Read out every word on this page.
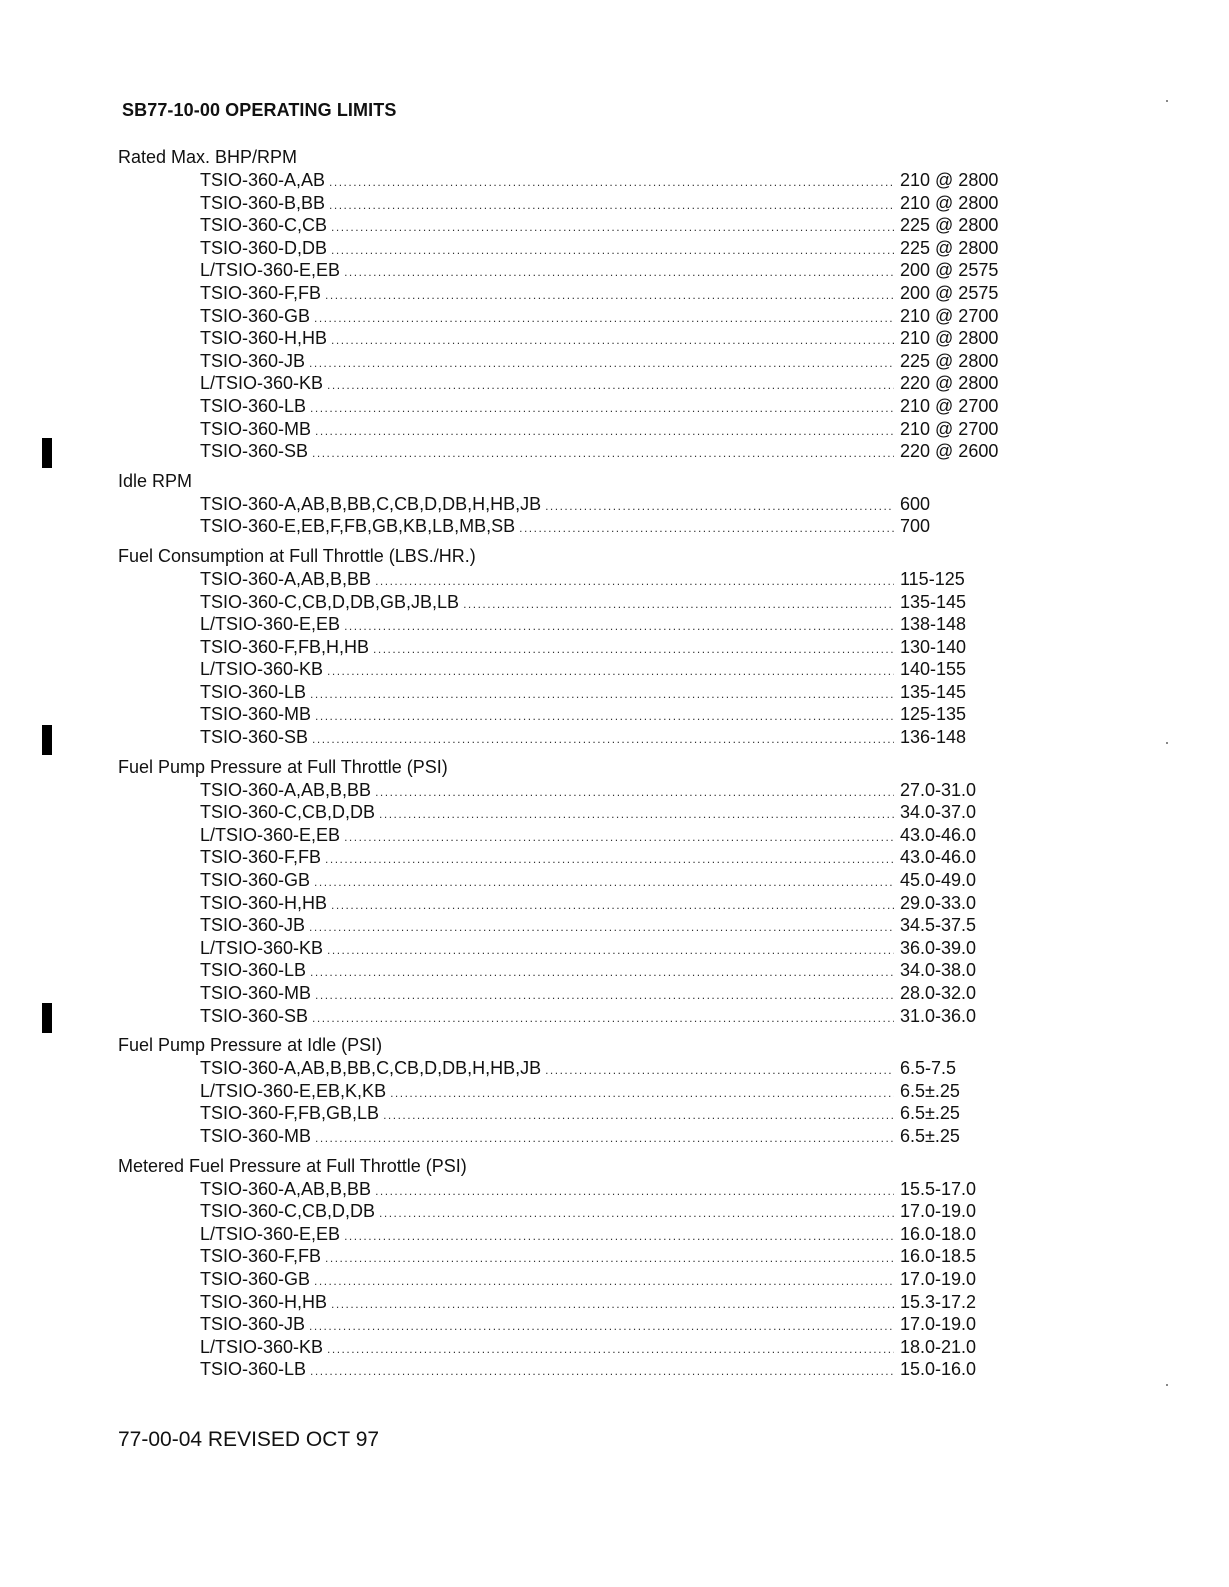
SB77-10-00 OPERATING LIMITS
Rated Max. BHP/RPM
TSIO-360-A,AB .....	210 @ 2800
TSIO-360-B,BB .....	210 @ 2800
TSIO-360-C,CB .....	225 @ 2800
TSIO-360-D,DB .....	225 @ 2800
L/TSIO-360-E,EB .....	200 @ 2575
TSIO-360-F,FB .....	200 @ 2575
TSIO-360-GB .....	210 @ 2700
TSIO-360-H,HB .....	210 @ 2800
TSIO-360-JB .....	225 @ 2800
L/TSIO-360-KB .....	220 @ 2800
TSIO-360-LB .....	210 @ 2700
TSIO-360-MB .....	210 @ 2700
TSIO-360-SB .....	220 @ 2600
Idle RPM
TSIO-360-A,AB,B,BB,C,CB,D,DB,H,HB,JB .....	600
TSIO-360-E,EB,F,FB,GB,KB,LB,MB,SB .....	700
Fuel Consumption at Full Throttle (LBS./HR.)
TSIO-360-A,AB,B,BB .....	115-125
TSIO-360-C,CB,D,DB,GB,JB,LB .....	135-145
L/TSIO-360-E,EB .....	138-148
TSIO-360-F,FB,H,HB .....	130-140
L/TSIO-360-KB .....	140-155
TSIO-360-LB .....	135-145
TSIO-360-MB .....	125-135
TSIO-360-SB .....	136-148
Fuel Pump Pressure at Full Throttle (PSI)
TSIO-360-A,AB,B,BB .....	27.0-31.0
TSIO-360-C,CB,D,DB .....	34.0-37.0
L/TSIO-360-E,EB .....	43.0-46.0
TSIO-360-F,FB .....	43.0-46.0
TSIO-360-GB .....	45.0-49.0
TSIO-360-H,HB .....	29.0-33.0
TSIO-360-JB .....	34.5-37.5
L/TSIO-360-KB .....	36.0-39.0
TSIO-360-LB .....	34.0-38.0
TSIO-360-MB .....	28.0-32.0
TSIO-360-SB .....	31.0-36.0
Fuel Pump Pressure at Idle (PSI)
TSIO-360-A,AB,B,BB,C,CB,D,DB,H,HB,JB .....	6.5-7.5
L/TSIO-360-E,EB,K,KB .....	6.5±.25
TSIO-360-F,FB,GB,LB .....	6.5±.25
TSIO-360-MB .....	6.5±.25
Metered Fuel Pressure at Full Throttle (PSI)
TSIO-360-A,AB,B,BB .....	15.5-17.0
TSIO-360-C,CB,D,DB .....	17.0-19.0
L/TSIO-360-E,EB .....	16.0-18.0
TSIO-360-F,FB .....	16.0-18.5
TSIO-360-GB .....	17.0-19.0
TSIO-360-H,HB .....	15.3-17.2
TSIO-360-JB .....	17.0-19.0
L/TSIO-360-KB .....	18.0-21.0
TSIO-360-LB .....	15.0-16.0
77-00-04 REVISED OCT 97
